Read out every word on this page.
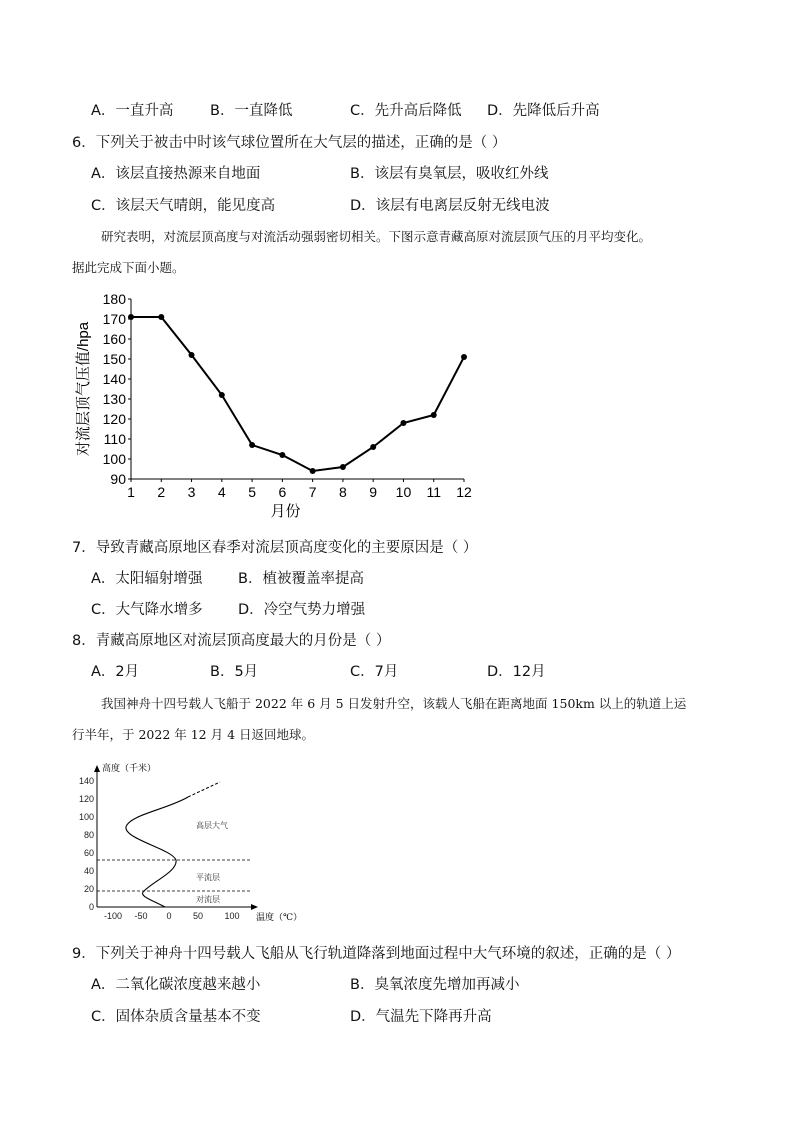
A．一直升高	B．一直降低	C．先升高后降低 D．先降低后升高
6．下列关于被击中时该气球位置所在大气层的描述，正确的是（ ）
A．该层直接热源来自地面	B．该层有臭氧层，吸收红外线
C．该层天气晴朗，能见度高	D．该层有电离层反射无线电波
研究表明，对流层顶高度与对流活动强弱密切相关。下图示意青藏高原对流层顶气压的月平均变化。
据此完成下面小题。
180
170
160
150
140
130
120
110
100
90
1 2 3 4 5 6 7 8 9 10 11 12
月份
对流层顶气压值/hpa
7．导致青藏高原地区春季对流层顶高度变化的主要原因是（ ）
A．太阳辐射增强 B．植被覆盖率提高
C．大气降水增多 D．冷空气势力增强
8．青藏高原地区对流层顶高度最大的月份是（ ）
A．2月	B．5月	C．7月	D．12月
我国神舟十四号载人飞船于 2022 年 6 月 5 日发射升空，该载人飞船在距离地面 150km 以上的轨道上运
行半年，于 2022 年 12 月 4 日返回地球。
高度（千米）
温度（℃）
140
120
100
80
60
40
20
0
-100 -50 0 50 100
高层大气
平流层
对流层
9．下列关于神舟十四号载人飞船从飞行轨道降落到地面过程中大气环境的叙述，正确的是（ ）
A．二氧化碳浓度越来越小	B．臭氧浓度先增加再减小
C．固体杂质含量基本不变	D．气温先下降再升高
